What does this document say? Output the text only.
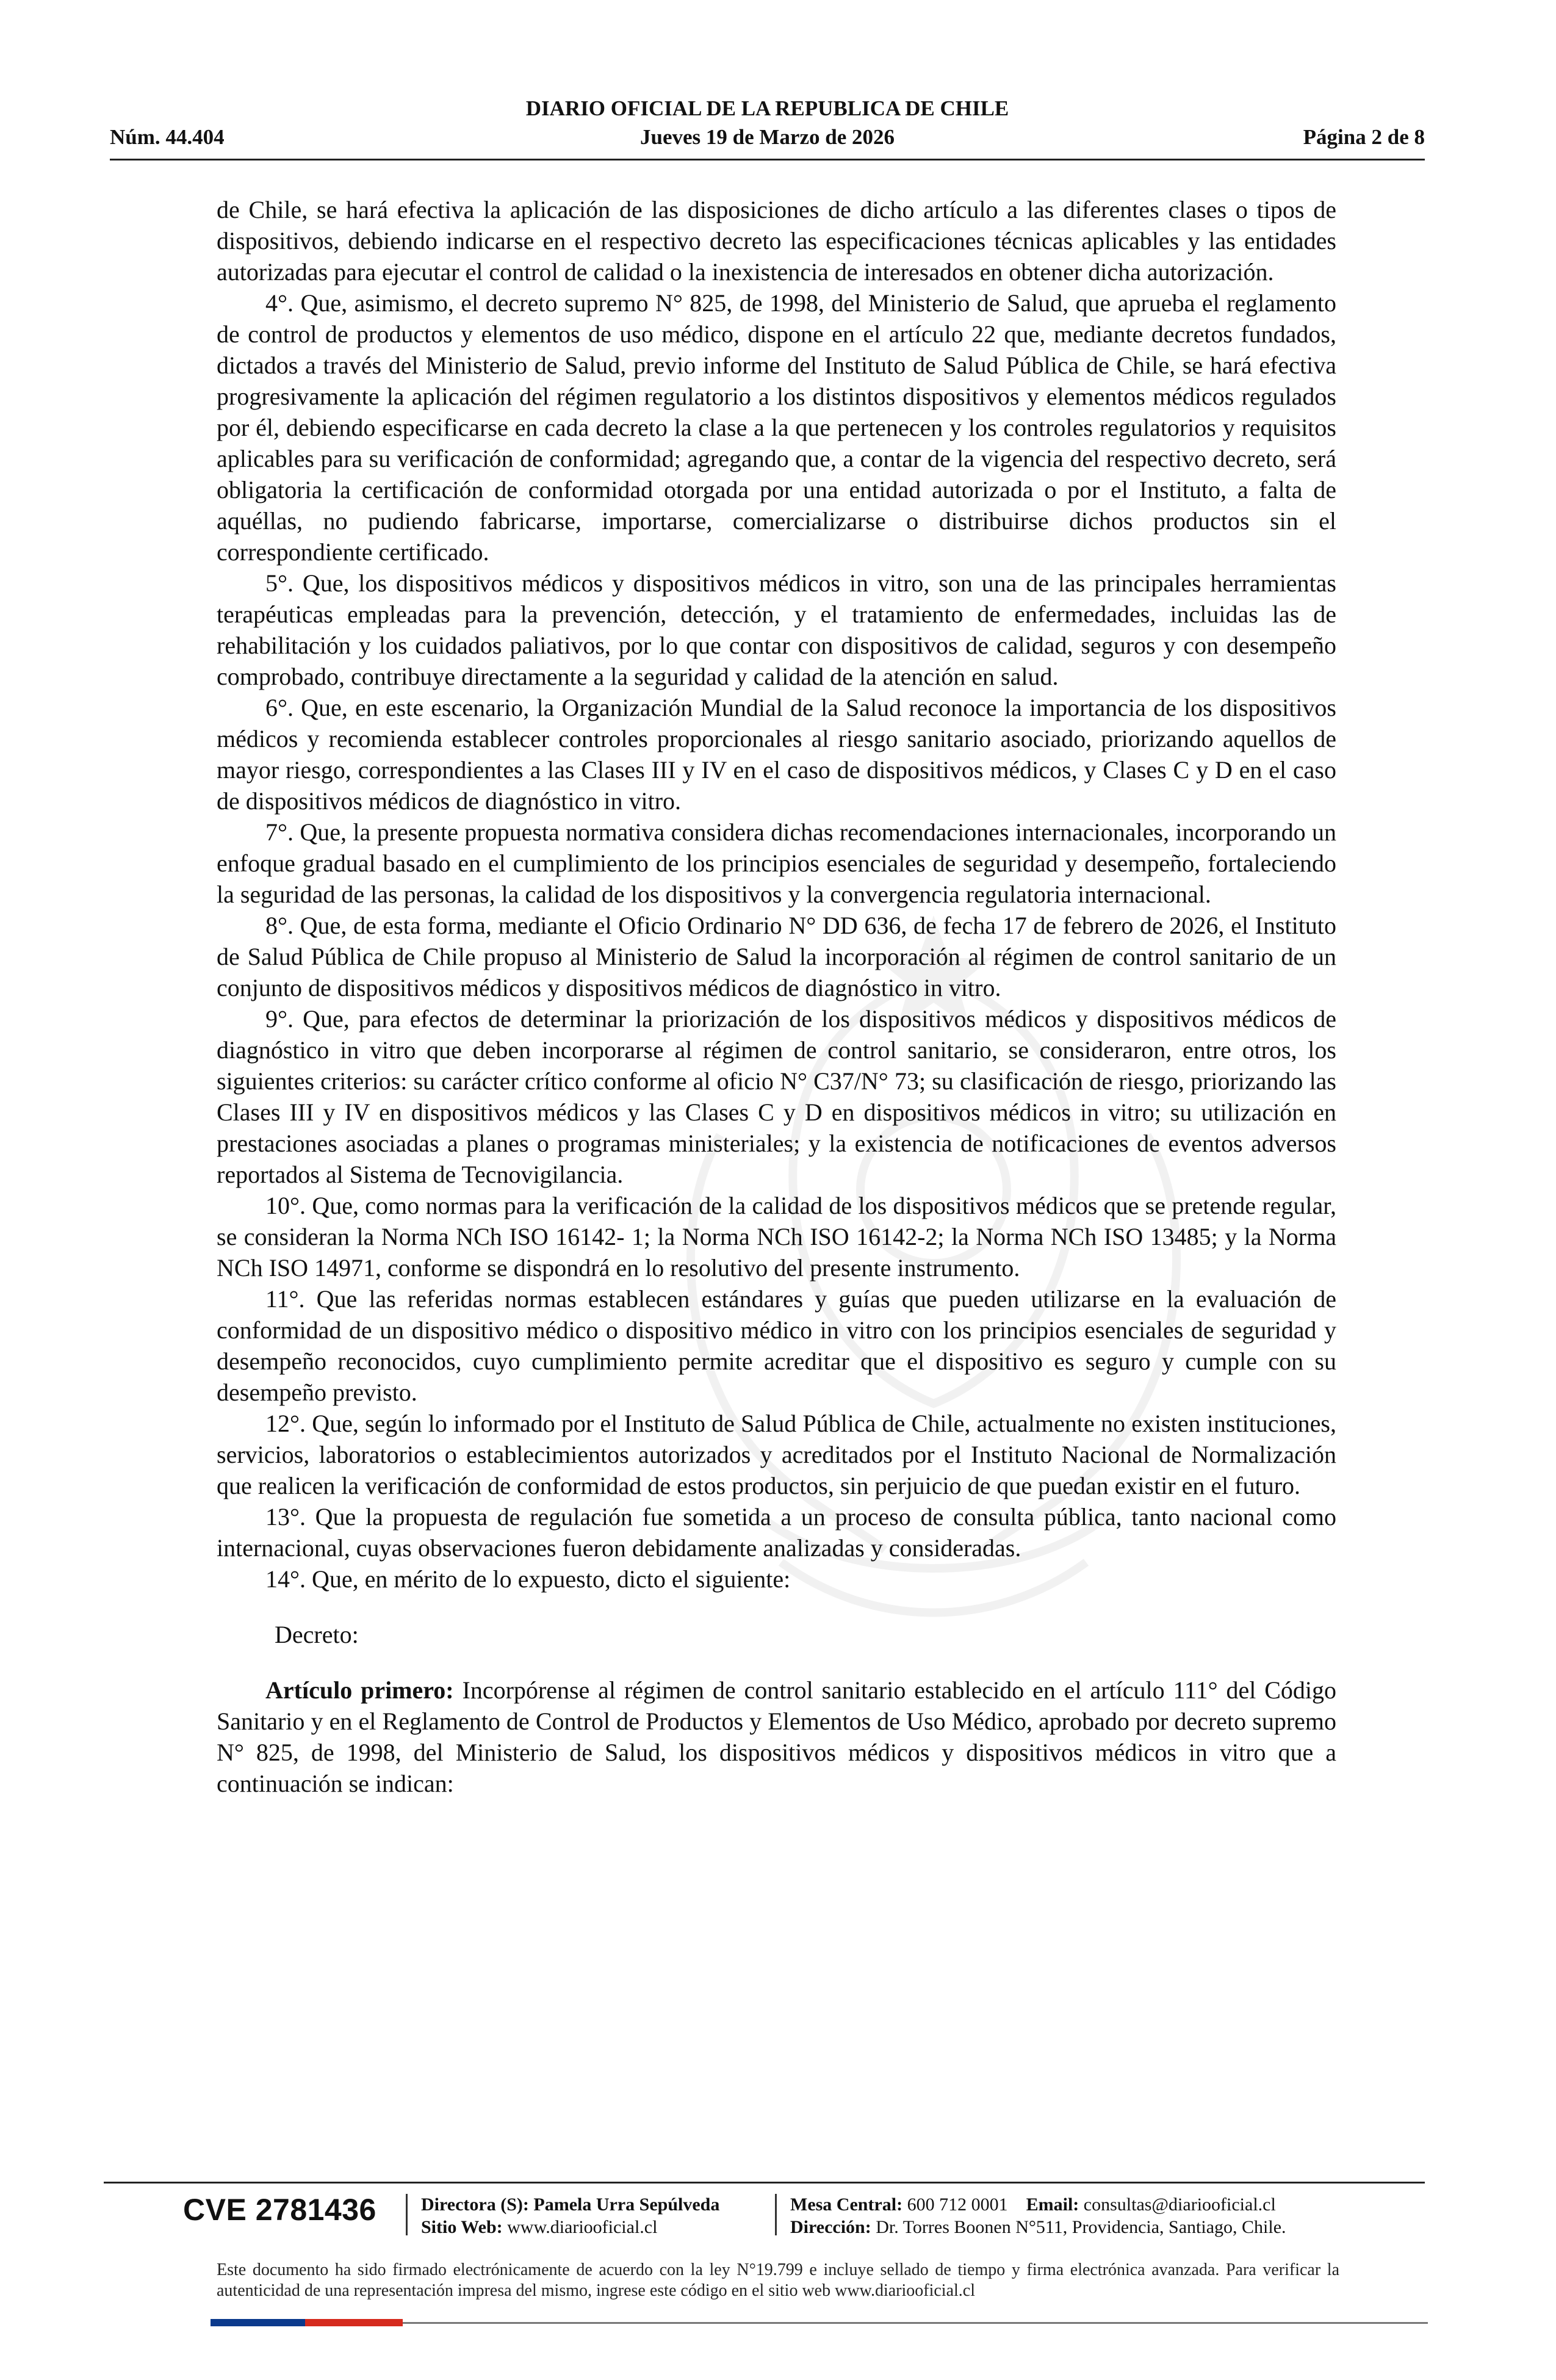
DIARIO OFICIAL DE LA REPUBLICA DE CHILE
Núm. 44.404	Jueves 19 de Marzo de 2026	Página 2 de 8

de Chile, se hará efectiva la aplicación de las disposiciones de dicho artículo a las diferentes clases o tipos de dispositivos, debiendo indicarse en el respectivo decreto las especificaciones técnicas aplicables y las entidades autorizadas para ejecutar el control de calidad o la inexistencia de interesados en obtener dicha autorización.

4°. Que, asimismo, el decreto supremo N° 825, de 1998, del Ministerio de Salud, que aprueba el reglamento de control de productos y elementos de uso médico, dispone en el artículo 22 que, mediante decretos fundados, dictados a través del Ministerio de Salud, previo informe del Instituto de Salud Pública de Chile, se hará efectiva progresivamente la aplicación del régimen regulatorio a los distintos dispositivos y elementos médicos regulados por él, debiendo especificarse en cada decreto la clase a la que pertenecen y los controles regulatorios y requisitos aplicables para su verificación de conformidad; agregando que, a contar de la vigencia del respectivo decreto, será obligatoria la certificación de conformidad otorgada por una entidad autorizada o por el Instituto, a falta de aquéllas, no pudiendo fabricarse, importarse, comercializarse o distribuirse dichos productos sin el correspondiente certificado.

5°. Que, los dispositivos médicos y dispositivos médicos in vitro, son una de las principales herramientas terapéuticas empleadas para la prevención, detección, y el tratamiento de enfermedades, incluidas las de rehabilitación y los cuidados paliativos, por lo que contar con dispositivos de calidad, seguros y con desempeño comprobado, contribuye directamente a la seguridad y calidad de la atención en salud.

6°. Que, en este escenario, la Organización Mundial de la Salud reconoce la importancia de los dispositivos médicos y recomienda establecer controles proporcionales al riesgo sanitario asociado, priorizando aquellos de mayor riesgo, correspondientes a las Clases III y IV en el caso de dispositivos médicos, y Clases C y D en el caso de dispositivos médicos de diagnóstico in vitro.

7°. Que, la presente propuesta normativa considera dichas recomendaciones internacionales, incorporando un enfoque gradual basado en el cumplimiento de los principios esenciales de seguridad y desempeño, fortaleciendo la seguridad de las personas, la calidad de los dispositivos y la convergencia regulatoria internacional.

8°. Que, de esta forma, mediante el Oficio Ordinario N° DD 636, de fecha 17 de febrero de 2026, el Instituto de Salud Pública de Chile propuso al Ministerio de Salud la incorporación al régimen de control sanitario de un conjunto de dispositivos médicos y dispositivos médicos de diagnóstico in vitro.

9°. Que, para efectos de determinar la priorización de los dispositivos médicos y dispositivos médicos de diagnóstico in vitro que deben incorporarse al régimen de control sanitario, se consideraron, entre otros, los siguientes criterios: su carácter crítico conforme al oficio N° C37/N° 73; su clasificación de riesgo, priorizando las Clases III y IV en dispositivos médicos y las Clases C y D en dispositivos médicos in vitro; su utilización en prestaciones asociadas a planes o programas ministeriales; y la existencia de notificaciones de eventos adversos reportados al Sistema de Tecnovigilancia.

10°. Que, como normas para la verificación de la calidad de los dispositivos médicos que se pretende regular, se consideran la Norma NCh ISO 16142- 1; la Norma NCh ISO 16142-2; la Norma NCh ISO 13485; y la Norma NCh ISO 14971, conforme se dispondrá en lo resolutivo del presente instrumento.

11°. Que las referidas normas establecen estándares y guías que pueden utilizarse en la evaluación de conformidad de un dispositivo médico o dispositivo médico in vitro con los principios esenciales de seguridad y desempeño reconocidos, cuyo cumplimiento permite acreditar que el dispositivo es seguro y cumple con su desempeño previsto.

12°. Que, según lo informado por el Instituto de Salud Pública de Chile, actualmente no existen instituciones, servicios, laboratorios o establecimientos autorizados y acreditados por el Instituto Nacional de Normalización que realicen la verificación de conformidad de estos productos, sin perjuicio de que puedan existir en el futuro.

13°. Que la propuesta de regulación fue sometida a un proceso de consulta pública, tanto nacional como internacional, cuyas observaciones fueron debidamente analizadas y consideradas.

14°. Que, en mérito de lo expuesto, dicto el siguiente:

Decreto:

Artículo primero: Incorpórense al régimen de control sanitario establecido en el artículo 111° del Código Sanitario y en el Reglamento de Control de Productos y Elementos de Uso Médico, aprobado por decreto supremo N° 825, de 1998, del Ministerio de Salud, los dispositivos médicos y dispositivos médicos in vitro que a continuación se indican:

CVE 2781436 Directora (S): Pamela Urra Sepúlveda
Sitio Web: www.diariooficial.cl
Mesa Central: 600 712 0001 Email: consultas@diariooficial.cl
Dirección: Dr. Torres Boonen N°511, Providencia, Santiago, Chile.
Este documento ha sido firmado electrónicamente de acuerdo con la ley N°19.799 e incluye sellado de tiempo y firma electrónica avanzada. Para verificar la autenticidad de una representación impresa del mismo, ingrese este código en el sitio web www.diariooficial.cl
